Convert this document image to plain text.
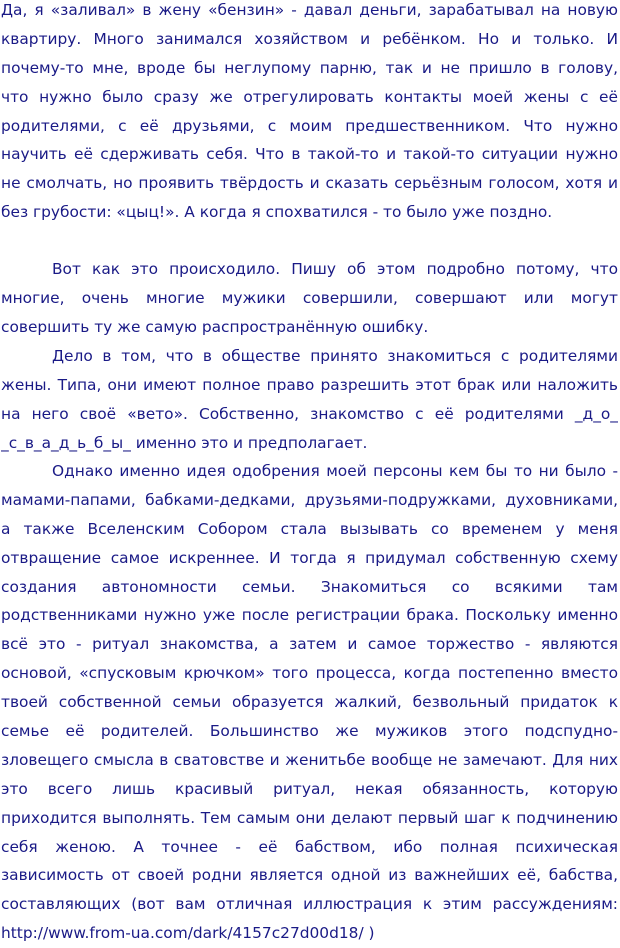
Да, я «заливал» в жену «бензин» - давал деньги, зарабатывал на новую
квартиру. Много занимался хозяйством и ребёнком. Но и только. И
почему-то мне, вроде бы неглупому парню, так и не пришло в голову,
что нужно было сразу же отрегулировать контакты моей жены с её
родителями, с её друзьями, с моим предшественником. Что нужно
научить её сдерживать себя. Что в такой-то и такой-то ситуации нужно
не смолчать, но проявить твёрдость и сказать серьёзным голосом, хотя и
без грубости: «цыц!». А когда я спохватился - то было уже поздно.
Вот как это происходило. Пишу об этом подробно потому, что
многие, очень многие мужики совершили, совершают или могут
совершить ту же самую распространённую ошибку.
Дело в том, что в обществе принято знакомиться с родителями
жены. Типа, они имеют полное право разрешить этот брак или наложить
на него своё «вето». Собственно, знакомство с её родителями _д_о_
_с_в_а_д_ь_б_ы_ именно это и предполагает.
Однако именно идея одобрения моей персоны кем бы то ни было -
мамами-папами, бабками-дедками, друзьями-подружками, духовниками,
а также Вселенским Собором стала вызывать со временем у меня
отвращение самое искреннее. И тогда я придумал собственную схему
создания автономности семьи. Знакомиться со всякими там
родственниками нужно уже после регистрации брака. Поскольку именно
всё это - ритуал знакомства, а затем и самое торжество - являются
основой, «спусковым крючком» того процесса, когда постепенно вместо
твоей собственной семьи образуется жалкий, безвольный придаток к
семье её родителей. Большинство же мужиков этого подспудно-
зловещего смысла в сватовстве и женитьбе вообще не замечают. Для них
это всего лишь красивый ритуал, некая обязанность, которую
приходится выполнять. Тем самым они делают первый шаг к подчинению
себя женою. А точнее - её бабством, ибо полная психическая
зависимость от своей родни является одной из важнейших её, бабства,
составляющих (вот вам отличная иллюстрация к этим рассуждениям:
http://www.from-ua.com/dark/4157c27d00d18/ )
